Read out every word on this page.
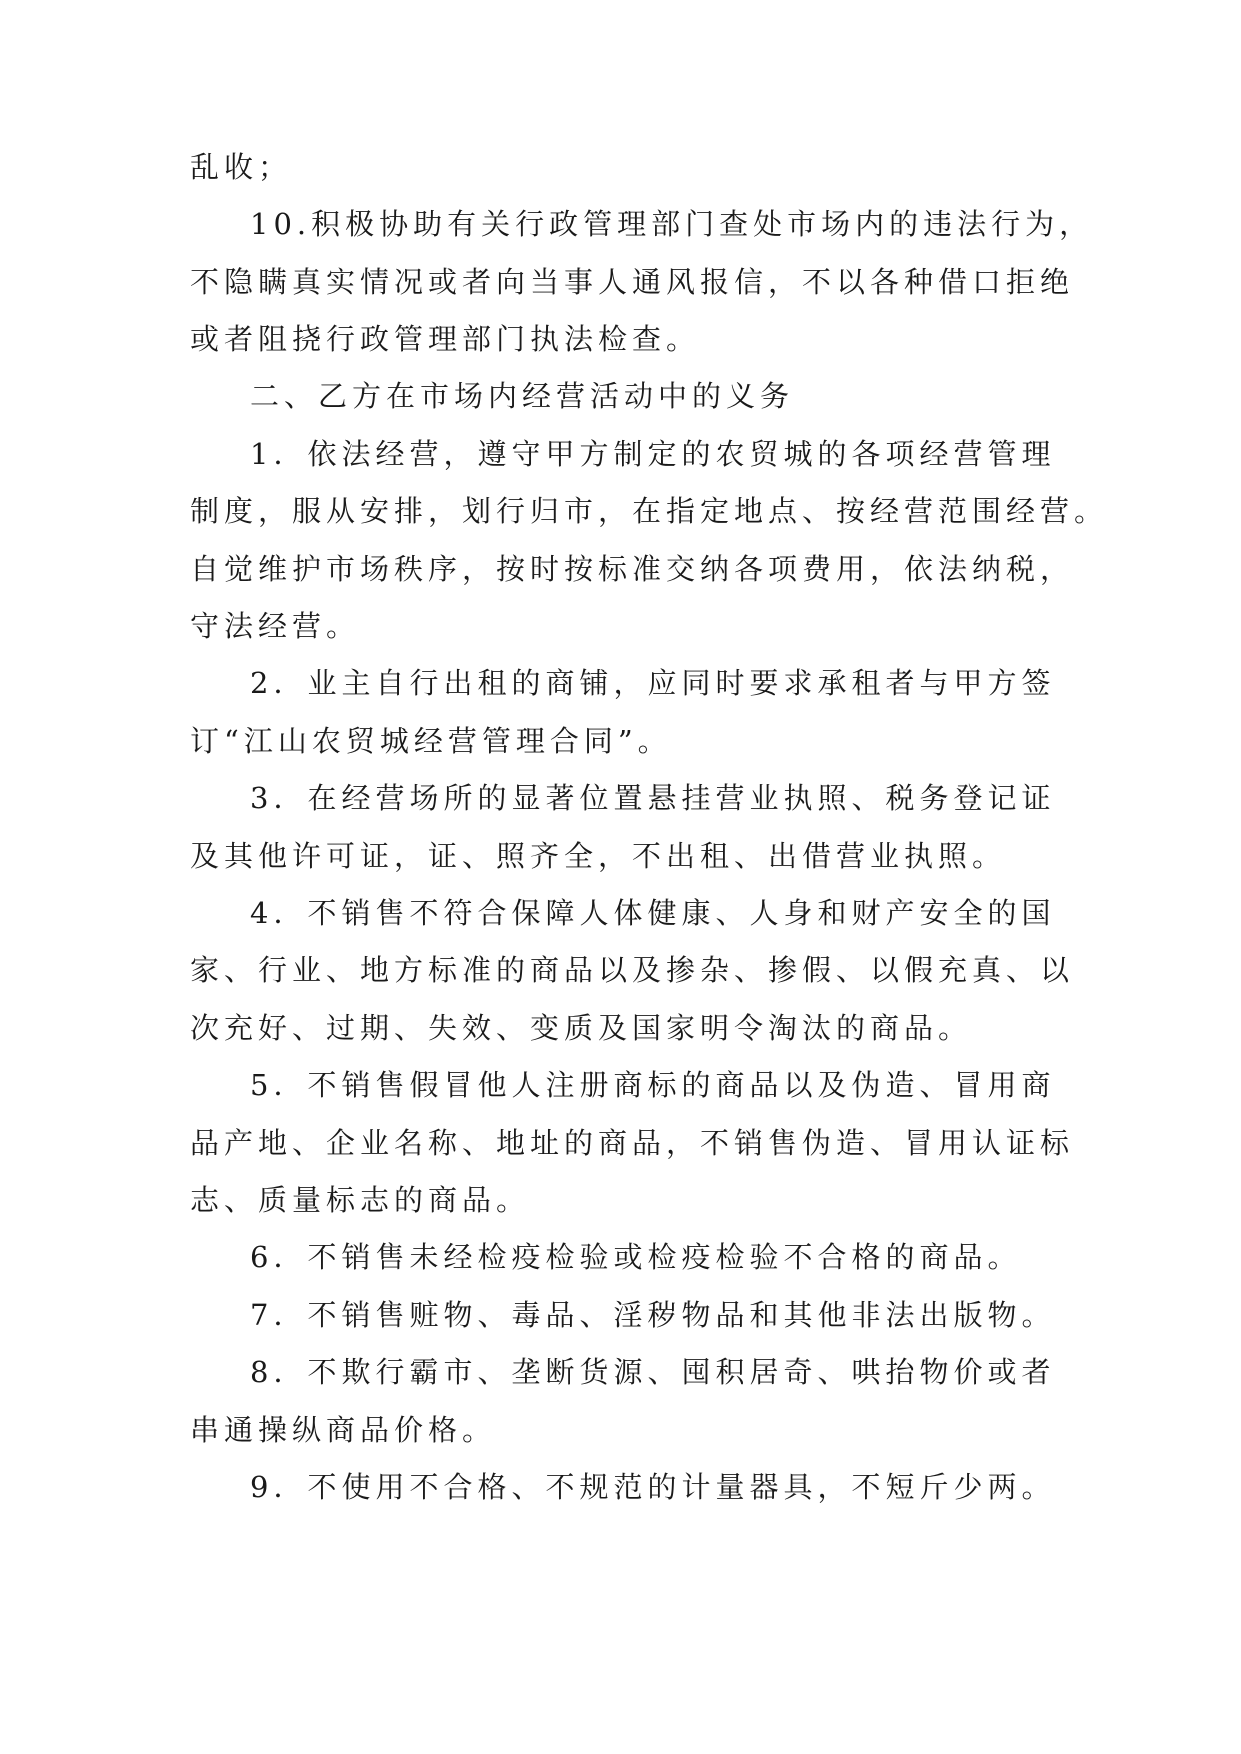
乱收；
10.积极协助有关行政管理部门查处市场内的违法行为，
不隐瞒真实情况或者向当事人通风报信，不以各种借口拒绝
或者阻挠行政管理部门执法检查。
二、乙方在市场内经营活动中的义务
1．依法经营，遵守甲方制定的农贸城的各项经营管理
制度，服从安排，划行归市，在指定地点、按经营范围经营。
自觉维护市场秩序，按时按标准交纳各项费用，依法纳税，
守法经营。
2．业主自行出租的商铺，应同时要求承租者与甲方签
订“江山农贸城经营管理合同”。
3．在经营场所的显著位置悬挂营业执照、税务登记证
及其他许可证，证、照齐全，不出租、出借营业执照。
4．不销售不符合保障人体健康、人身和财产安全的国
家、行业、地方标准的商品以及掺杂、掺假、以假充真、以
次充好、过期、失效、变质及国家明令淘汰的商品。
5．不销售假冒他人注册商标的商品以及伪造、冒用商
品产地、企业名称、地址的商品，不销售伪造、冒用认证标
志、质量标志的商品。
6．不销售未经检疫检验或检疫检验不合格的商品。
7．不销售赃物、毒品、淫秽物品和其他非法出版物。
8．不欺行霸市、垄断货源、囤积居奇、哄抬物价或者
串通操纵商品价格。
9．不使用不合格、不规范的计量器具，不短斤少两。
